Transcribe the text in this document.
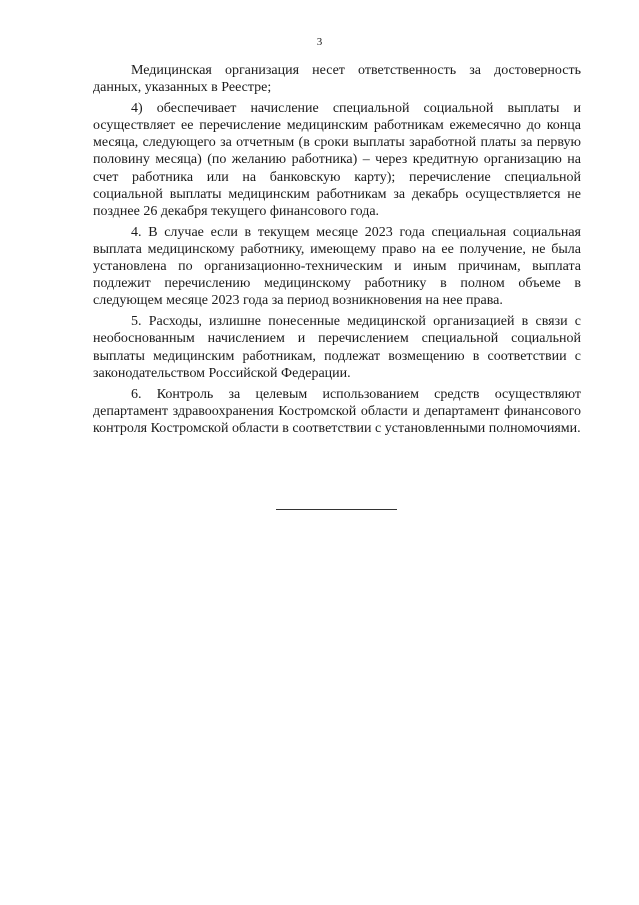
3

Медицинская организация несет ответственность за достоверность данных, указанных в Реестре;

4) обеспечивает начисление специальной социальной выплаты и осуществляет ее перечисление медицинским работникам ежемесячно до конца месяца, следующего за отчетным (в сроки выплаты заработной платы за первую половину месяца) (по желанию работника) – через кредитную организацию на счет работника или на банковскую карту); перечисление специальной социальной выплаты медицинским работникам за декабрь осуществляется не позднее 26 декабря текущего финансового года.

4. В случае если в текущем месяце 2023 года специальная социальная выплата медицинскому работнику, имеющему право на ее получение, не была установлена по организационно-техническим и иным причинам, выплата подлежит перечислению медицинскому работнику в полном объеме в следующем месяце 2023 года за период возникновения на нее права.

5. Расходы, излишне понесенные медицинской организацией в связи с необоснованным начислением и перечислением специальной социальной выплаты медицинским работникам, подлежат возмещению в соответствии с законодательством Российской Федерации.

6. Контроль за целевым использованием средств осуществляют департамент здравоохранения Костромской области и департамент финансового контроля Костромской области в соответствии с установленными полномочиями.
